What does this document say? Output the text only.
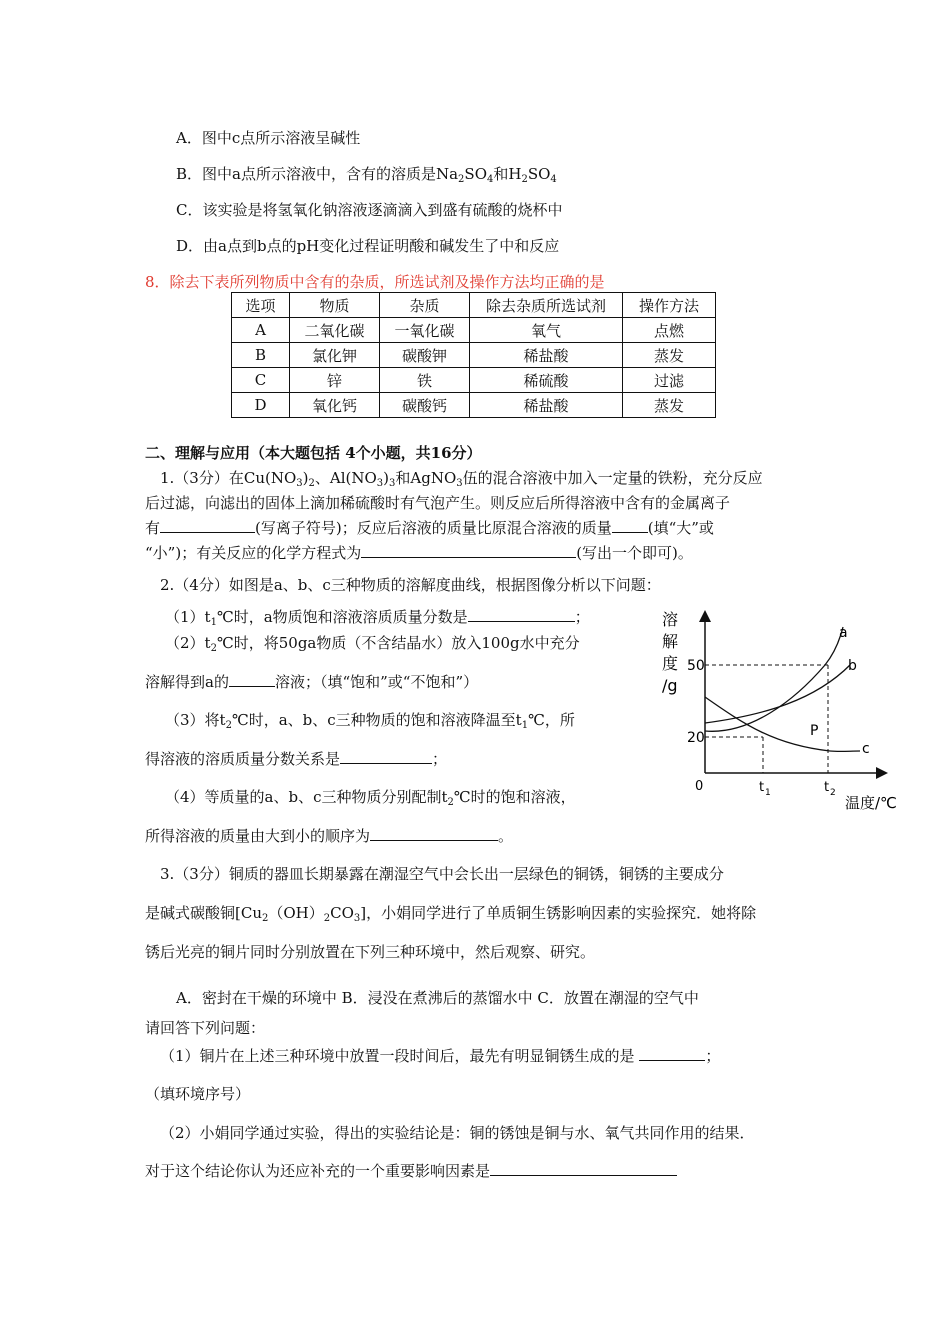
A．图中c点所示溶液呈碱性
B．图中a点所示溶液中，含有的溶质是$Na_2SO_4$和$H_2SO_4$
C．该实验是将氢氧化钠溶液逐滴滴入到盛有硫酸的烧杯中
D．由a点到b点的pH变化过程证明酸和碱发生了中和反应
8．除去下表所列物质中含有的杂质，所选试剂及操作方法均正确的是
选项	物质	杂质	除去杂质所选试剂	操作方法
A	二氧化碳	一氧化碳	氧气	点燃
B	氯化钾	碳酸钾	稀盐酸	蒸发
C	锌	铁	稀硫酸	过滤
D	氧化钙	碳酸钙	稀盐酸	蒸发
二、理解与应用（本大题包括 4个小题，共16分）
1.（3分）在$Cu(NO_3)_2$、$Al(NO_3)_3$和AgNO$_3$伍的混合溶液中加入一定量的铁粉，充分反应
后过滤，向滤出的固体上滴加稀硫酸时有气泡产生。则反应后所得溶液中含有的金属离子
有	(写离子符号)；反应后溶液的质量比原混合溶液的质量 (填“大”或
“小”)；有关反应的化学方程式为	(写出一个即可)。
2.（4分）如图是a、b、c三种物质的溶解度曲线，根据图像分析以下问题：
$(1)t_1℃$时，a物质饱和溶液溶质质量分数是	；
$(2)t_2℃$时，将50ga物质（不含结晶水）放入100g水中充分
溶解得到a的	溶液；（填“饱和”或“不饱和”）
（3）将$t_2℃$时，a、b、c三种物质的饱和溶液降温至$t_1℃$，所
得溶液的溶质质量分数关系是	；
（4）等质量的a、b、c三种物质分别配制$t_2℃$时的饱和溶液，
所得溶液的质量由大到小的顺序为	。
溶
解
度
/g
50
20
0	t 1	t 2
温度/℃
a
b
c
P
3.（3分）铜质的器皿长期暴露在潮湿空气中会长出一层绿色的铜锈，铜锈的主要成分
是碱式碳酸铜$[Cu_2(OH)_2CO_3]$，小娟同学进行了单质铜生锈影响因素的实验探究．她将除
锈后光亮的铜片同时分别放置在下列三种环境中，然后观察、研究。
A．密封在干燥的环境中 B．浸没在煮沸后的蒸馏水中 C．放置在潮湿的空气中
请回答下列问题：
（1）铜片在上述三种环境中放置一段时间后，最先有明显铜锈生成的是	；
（填环境序号）
（2）小娟同学通过实验，得出的实验结论是：铜的锈蚀是铜与水、氧气共同作用的结果．
对于这个结论你认为还应补充的一个重要影响因素是
